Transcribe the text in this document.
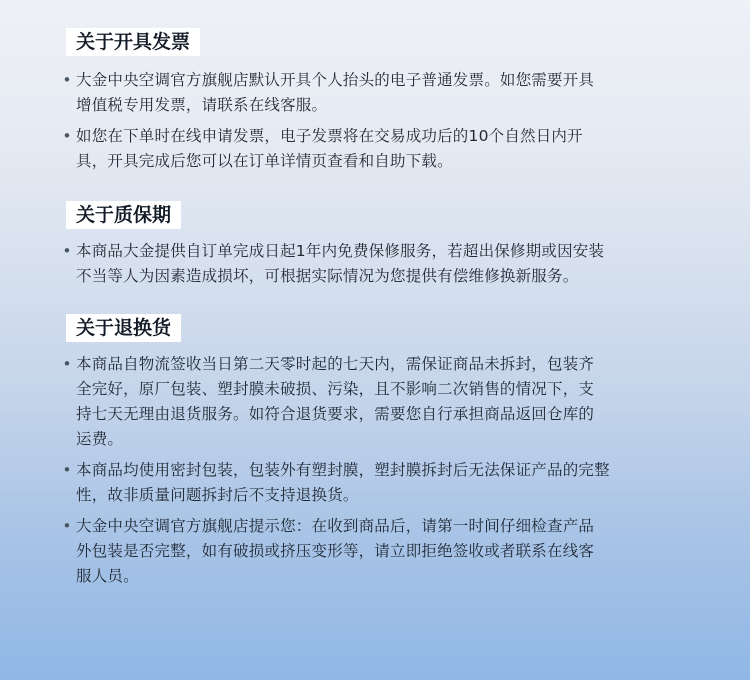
关于开具发票
• 大金中央空调官方旗舰店默认开具个人抬头的电子普通发票。如您需要开具
增值税专用发票，请联系在线客服。
• 如您在下单时在线申请发票，电子发票将在交易成功后的10个自然日内开
具，开具完成后您可以在订单详情页查看和自助下载。
关于质保期
• 本商品大金提供自订单完成日起1年内免费保修服务，若超出保修期或因安装
不当等人为因素造成损坏，可根据实际情况为您提供有偿维修换新服务。
关于退换货
• 本商品自物流签收当日第二天零时起的七天内，需保证商品未拆封，包装齐
全完好，原厂包装、塑封膜未破损、污染，且不影响二次销售的情况下，支
持七天无理由退货服务。如符合退货要求，需要您自行承担商品返回仓库的
运费。
• 本商品均使用密封包装，包装外有塑封膜，塑封膜拆封后无法保证产品的完整
性，故非质量问题拆封后不支持退换货。
• 大金中央空调官方旗舰店提示您：在收到商品后，请第一时间仔细检查产品
外包装是否完整，如有破损或挤压变形等，请立即拒绝签收或者联系在线客
服人员。
